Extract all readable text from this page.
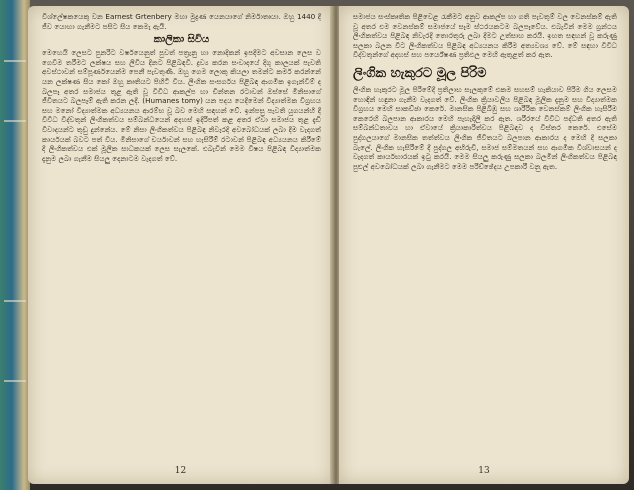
විශ්ලේෂකයෙකු වන Earnest Grtenbery මහා මුද්‍රණ යෙනයාගේ නිර්මාතෘයා. ඔහු 1440 දී ජීව යොහා ගැනීමට පසිට සිය කෙමැ ඇයි.

කාලිකා සිවිය

මෙහෙයි ලෙසට පුනරිට වර්ෂයෙනුත් පුවත් පත්‍රැනු හා නොදිකන් ඉපදීමට අවසාන ලෙස ව ගෙවීම තරීමට ලක්ෂය සහ ලිවිය දිනට පිළිබඳවි. ද්‍රව්‍ය කරන සංවාදයේ දිගු කාලයක් පැවති අවස්ථාවන් සම්පූර්ණයෙන්ම පෙනී පැවතුණි. ඔහු ගෙම ලොකු කියලා තමන්ට කර්ම කරන්නේ යන ලක්ෂණ සිය කෝ ඔහු කෘතියට පිහිටි විය. ලිංගික සංසර්ගය පිළිබඳ ආගමික ඉගැන්වීම් ද බලපෑ අතර සමාජය තුළ ඇති වූ විවිධ ආකල්ප හා චින්තන රටාවන් ඔස්සේ මිනිසාගේ ජීවිතයට බලපෑම් ඇති කරන ලදී. (Humanes tomy) යන පදය යෙදීමෙන් විද්‍යාත්මක විග්‍රහය සහ මනෝ විද්‍යාත්මක අධ්‍යයනය ආරම්භ වූ බව මෙහි සඳහන් වේ. ඉන්පසු පැවති යුගයන්හි දී විවිධ විද්වතුන් ලිංගිකත්වය සම්බන්ධයෙන් අදහස් ඉදිරිපත් කළ අතර ඒවා සමාජය තුළ දැඩි විවාදයන්ට තුඩු දුන්නේය. මේ නිසා ලිංගිකත්වය පිළිබඳ නිවැරදි අවබෝධයක් ලබා දීම වැදගත් කාර්යයක් බවට පත් විය. මිනිසාගේ චර්යාවන් සහ හැසිරීම් රටාවන් පිළිබඳ අධ්‍යයනය කිරීමේ දී ලිංගිකත්වය එක් මූලික සාධකයක් ලෙස සැලකේ. එබැවින් මෙම විෂය පිළිබඳ විද්‍යාත්මක දැනුම ලබා ගැනීම සියලු දෙනාටම වැදගත් වේ.

12

සමාජය සංස්කෘතික පිළිවෙළ රැකීමට අනුව ආකල්ප හා ගති පැවතුම් වල වෙනස්කම් ඇති වූ අතර එම වෙනස්කම් සමාජයේ සෑම ස්ථරයකටම බලපෑවේය. එබැවින් මෙම ග්‍රන්ථය ලිංගිකත්වය පිළිබඳ නිවැරදි තොරතුරු ලබා දීමට උත්සාහ කරයි. ඉහත සඳහන් වූ කරුණු සලකා බලන විට ලිංගිකත්වය පිළිබඳ අධ්‍යයනය කිරීම අත්‍යවශ්‍ය වේ. මේ සඳහා විවිධ විද්වතුන්ගේ අදහස් සහ පර්යේෂණ ප්‍රතිඵල මෙහි ඇතුළත් කර ඇත.

ලිංගික හැකුරට මූල පිරිම

ලිංගික හැකුරට මූල පිරිමේදී ප්‍රතිලාභ සැලකුමේ එකම සහසම් හැකියාව පිරිම ගිය ලෙසම හොඳින් හඳුනා ගැනීම වැදගත් වේ. ලිංගික ක්‍රියාවලිය පිළිබඳ මූලික දැනුම සහ විද්‍යාත්මක විග්‍රහය මෙහි සාකච්ඡා කෙරේ. මානසික පිළිබිඹු සහ ශාරීරික වෙනස්කම් ලිංගික හැසිරීම කෙරෙහි බලපාන ආකාරය මෙහි පැහැදිලි කර ඇත. ශරීරයේ විවිධ පද්ධති අතර ඇති සම්බන්ධතාවය හා ඒවායේ ක්‍රියාකාරිත්වය පිළිබඳව ද විස්තර කෙරේ. එසේම පුද්ගලයාගේ මානසික තත්ත්වය ලිංගික ජීවිතයට බලපාන ආකාරය ද මෙහි දී සලකා බැලේ. ලිංගික හැසිරීමේ දී පුද්ගල අභිරුචි, සමාජ සම්මතයන් සහ ආගමික විශ්වාසයන් ද වැදගත් කාර්යභාරයක් ඉටු කරයි. මෙම සියලු කරුණු සලකා බලමින් ලිංගිකත්වය පිළිබඳ පුළුල් අවබෝධයක් ලබා ගැනීමට මෙම පරිච්ඡේදය උපකාරී වනු ඇත.

13
